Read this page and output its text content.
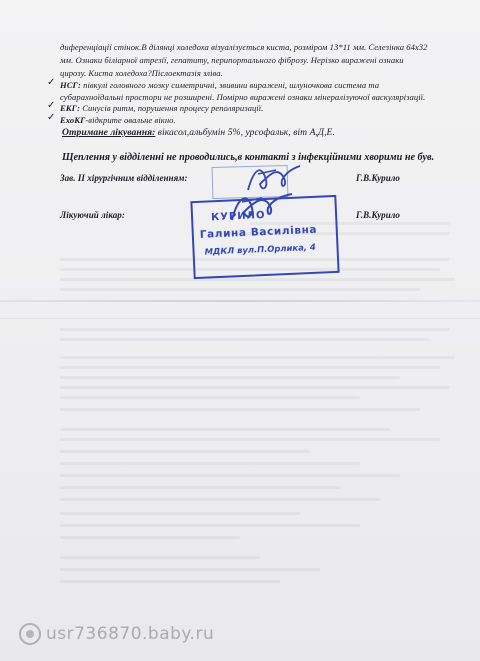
диференціації стінок.В ділянці холедоха візуалізується киста, розміром 13*11 мм. Селезінка 64х32
мм. Ознаки біліарної атрезії, гепатиту, перипортального фіброзу. Нерізко виражені ознаки
цирозу. Киста холедоха?Післоектазія зліва.
✓ НСГ: півкулі головного мозку симетричні, звивини виражені, шлуночкова система та
субарахноїдальні простори не розширені. Помірно виражені ознаки мінералізуючої васкулярізації.
✓ ЕКГ: Синусів ритм, порушення процесу реполяризації.
✓ ЕхоКГ-відкрите овальне вікно.
Отримане лікування: вікасол,альбумін 5%, урсофальк, віт А,Д,Е.
Щеплення у відділенні не проводились,в контакті з інфекційними хворими не був.
Зав. II хірургічним відділенням:	Г.В.Курило
КУРИЛО
Галина Василівна
МДКЛ вул.П.Орлика, 4
Лікуючий лікар:	Г.В.Курило
usr736870.baby.ru
